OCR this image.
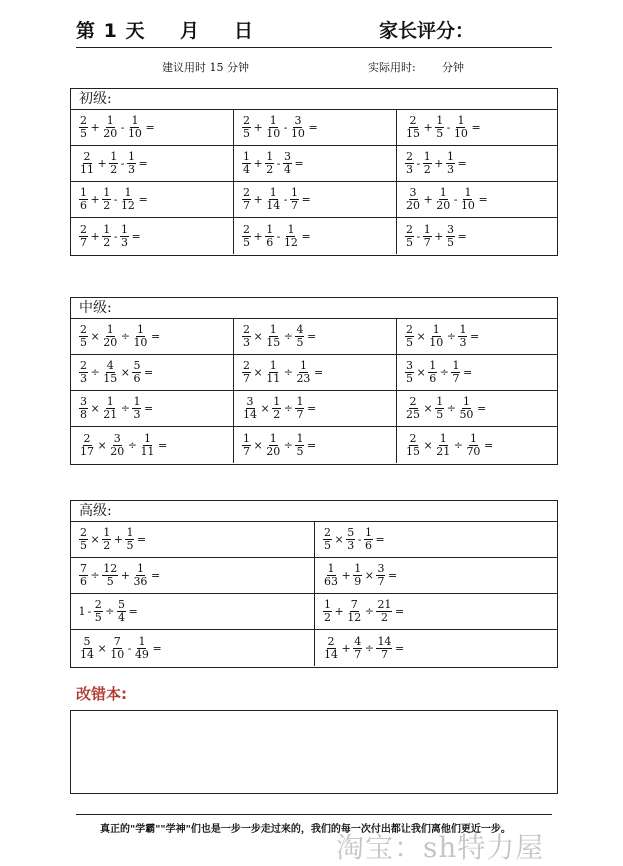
第 1 天 月 日	家长评分：
建议用时 15 分钟	实际用时: 分钟
初级:
$\frac{2}{5} + \frac{1}{20} - \frac{1}{10}$ =	$\frac{2}{5} + \frac{1}{10} - \frac{3}{10}$ =	$\frac{2}{15} + \frac{1}{5} - \frac{1}{10}$ =
$\frac{2}{11} + \frac{1}{2} - \frac{1}{3}$ =	$\frac{1}{4} + \frac{1}{2} - \frac{3}{4}$ =	$\frac{2}{3} - \frac{1}{2} + \frac{1}{3}$ =
$\frac{1}{6} + \frac{1}{2} - \frac{1}{12}$ =	$\frac{2}{7} + \frac{1}{14} - \frac{1}{7}$ =	$\frac{3}{20} + \frac{1}{20} - \frac{1}{10}$ =
$\frac{2}{7} + \frac{1}{2} - \frac{1}{3}$ =	$\frac{2}{5} + \frac{1}{6} - \frac{1}{12}$ =	$\frac{2}{5} - \frac{1}{7} + \frac{3}{5}$ =
中级:
$\frac{2}{5} \times \frac{1}{20} \div \frac{1}{10}$ =	$\frac{2}{3} \times \frac{1}{15} \div \frac{4}{5}$ =	$\frac{2}{5} \times \frac{1}{10} \div \frac{1}{3}$ =
$\frac{2}{3} \div \frac{4}{15} \times \frac{5}{6}$ =	$\frac{2}{7} \times \frac{1}{11} \div \frac{1}{23}$ =	$\frac{3}{5} \times \frac{1}{6} \div \frac{1}{7}$ =
$\frac{3}{8} \times \frac{1}{21} \div \frac{1}{3}$ =	$\frac{3}{14} \times \frac{1}{2} \div \frac{1}{7}$ =	$\frac{2}{25} \times \frac{1}{5} \div \frac{1}{50}$ =
$\frac{2}{17} \times \frac{3}{20} \div \frac{1}{11}$ =	$\frac{1}{7} \times \frac{1}{20} \div \frac{1}{5}$ =	$\frac{2}{15} \times \frac{1}{21} \div \frac{1}{70}$ =
高级:
$\frac{2}{5} \times \frac{1}{2} + \frac{1}{5}$ =	$\frac{2}{5} \times \frac{5}{3} - \frac{1}{6}$ =
$\frac{7}{6} \div \frac{12}{5} + \frac{1}{36}$ =	$\frac{1}{63} + \frac{1}{9} \times \frac{3}{7}$ =
$1 - \frac{2}{5} \div \frac{5}{4}$ =	$\frac{1}{2} + \frac{7}{12} \div \frac{21}{2}$ =
$\frac{5}{14} \times \frac{7}{10} - \frac{1}{49}$ =	$\frac{2}{14} + \frac{4}{7} \div \frac{14}{7}$ =
改错本:
真正的"学霸""学神"们也是一步一步走过来的，我们的每一次付出都让我们离他们更近一步。
淘宝：sh特力屋
